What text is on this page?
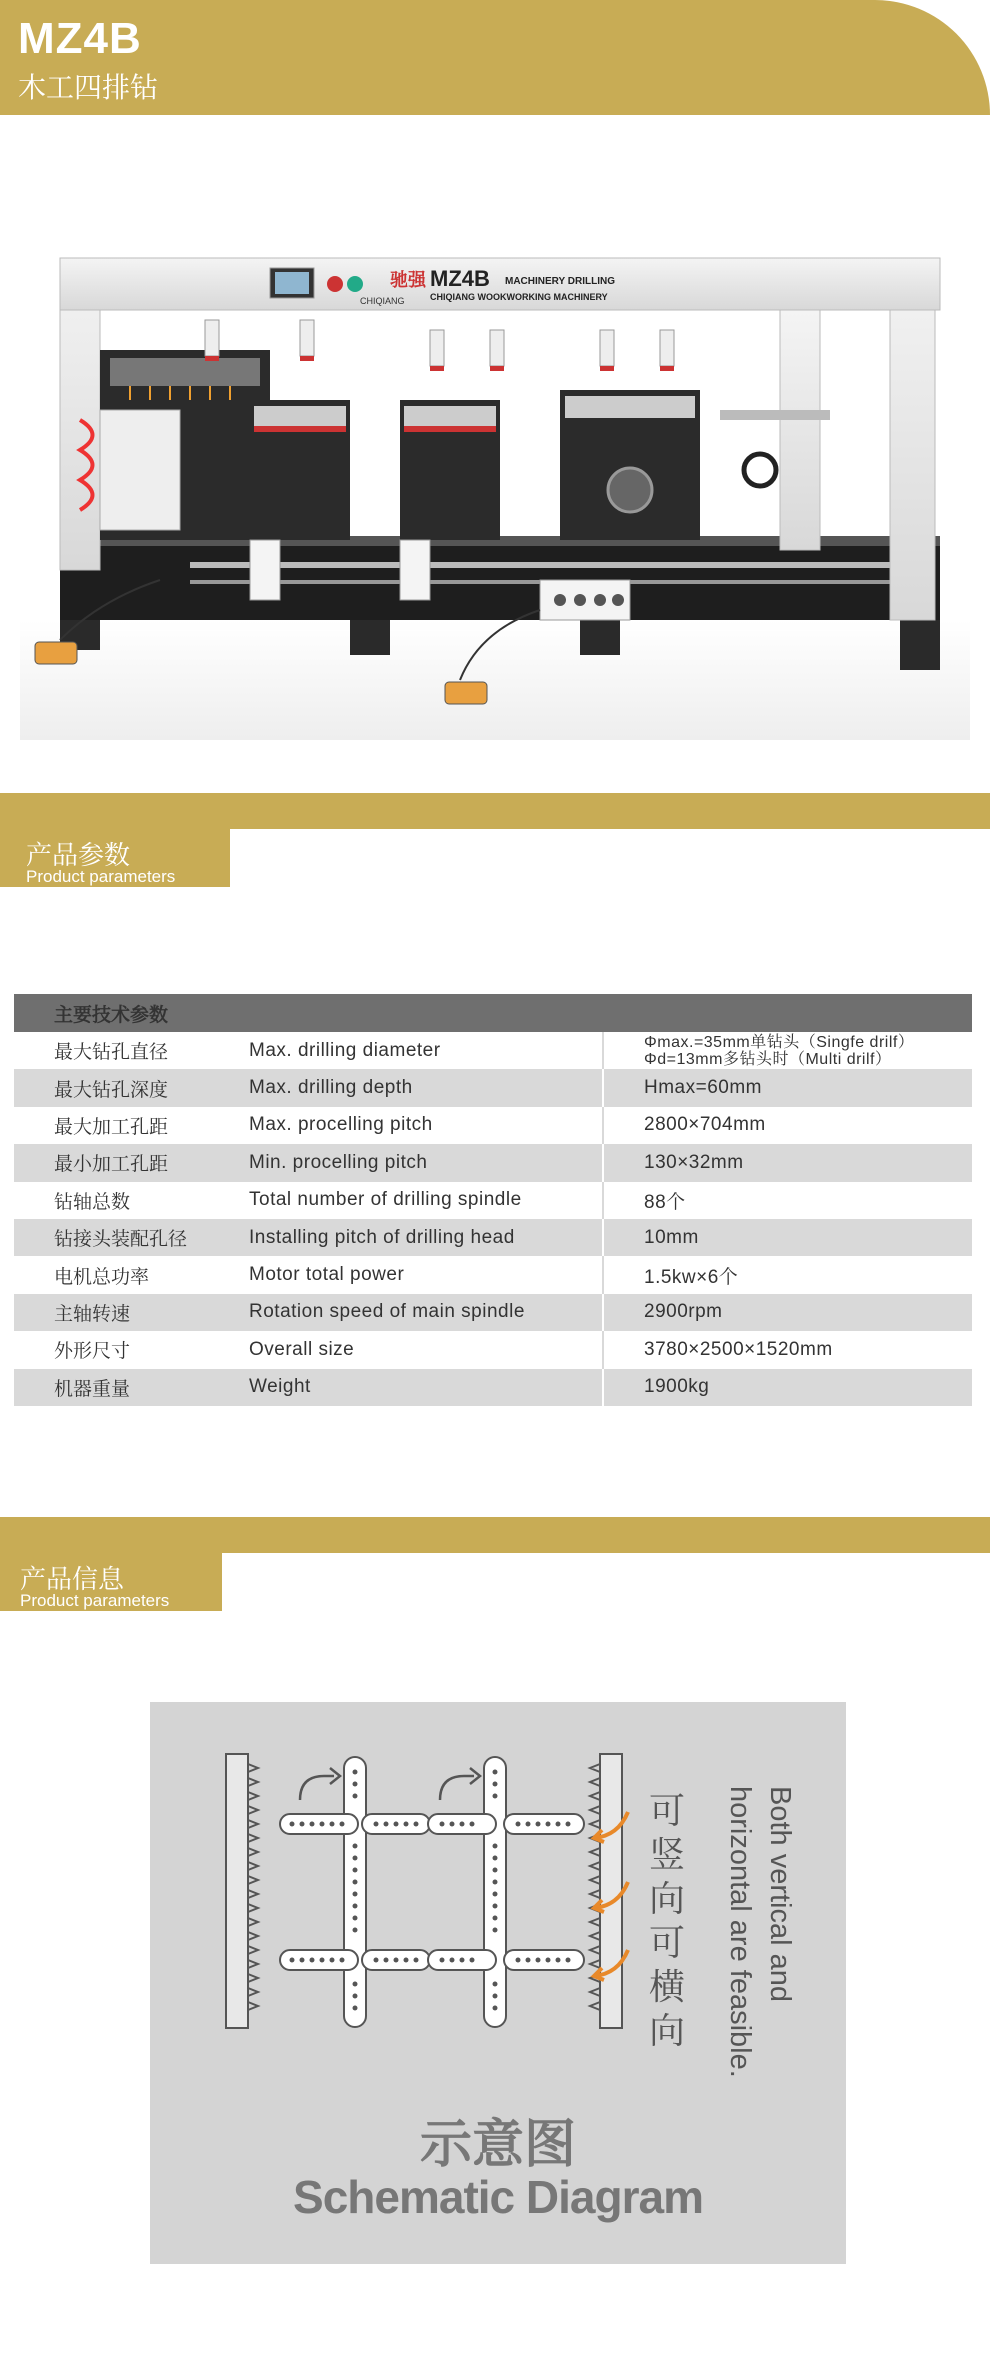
MZ4B
木工四排钻
驰强
CHIQIANG
MZ4B MACHINERY DRILLING
CHIQIANG WOOKWORKING MACHINERY
产品参数
Product parameters
主要技术参数		
最大钻孔直径	Max. drilling diameter	Φmax.=35mm单钻头（Singfe drilf）
Φd=13mm多钻头时（Multi drilf）

最大钻孔深度	Max. drilling depth	Hmax=60mm
最大加工孔距	Max. procelling pitch	2800×704mm
最小加工孔距	Min. procelling pitch	130×32mm
钻轴总数	Total number of drilling spindle	88个
钻接头装配孔径	Installing pitch of drilling head	10mm
电机总功率	Motor total power	1.5kw×6个
主轴转速	Rotation speed of main spindle	2900rpm
外形尺寸	Overall size	3780×2500×1520mm
机器重量	Weight	1900kg
产品信息
Product parameters
可竖向可横向
Both vertical and
horizontal are feasible.
示意图
Schematic Diagram
